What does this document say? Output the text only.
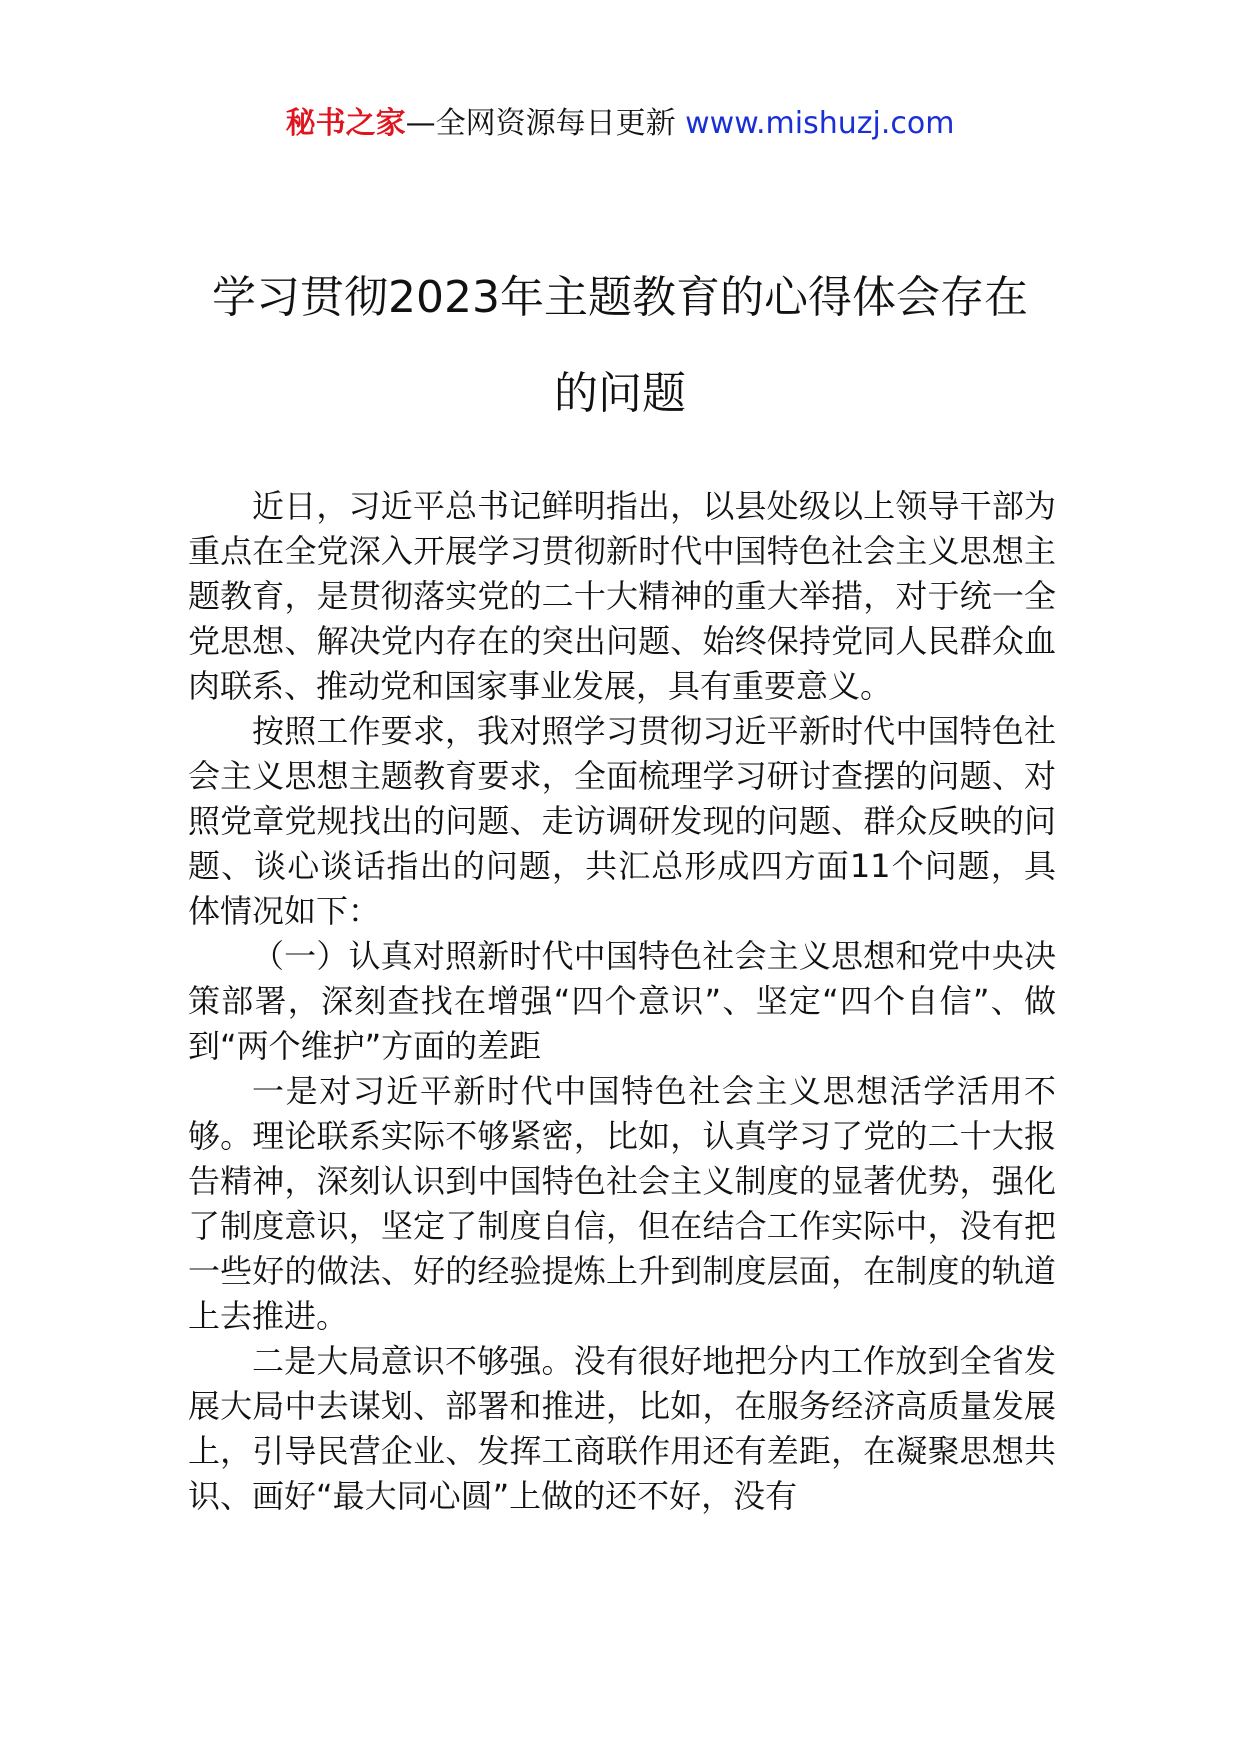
秘书之家—全网资源每日更新 www.mishuzj.com
学习贯彻2023年主题教育的心得体会存在
的问题

近日，习近平总书记鲜明指出，以县处级以上领导干部为重点在全党深入开展学习贯彻新时代中国特色社会主义思想主题教育，是贯彻落实党的二十大精神的重大举措，对于统一全党思想、解决党内存在的突出问题、始终保持党同人民群众血肉联系、推动党和国家事业发展，具有重要意义。

按照工作要求，我对照学习贯彻习近平新时代中国特色社会主义思想主题教育要求，全面梳理学习研讨查摆的问题、对照党章党规找出的问题、走访调研发现的问题、群众反映的问题、谈心谈话指出的问题，共汇总形成四方面11个问题，具体情况如下：

（一）认真对照新时代中国特色社会主义思想和党中央决策部署，深刻查找在增强“四个意识”、坚定“四个自信”、做到“两个维护”方面的差距

一是对习近平新时代中国特色社会主义思想活学活用不够。理论联系实际不够紧密，比如，认真学习了党的二十大报告精神，深刻认识到中国特色社会主义制度的显著优势，强化了制度意识，坚定了制度自信，但在结合工作实际中，没有把一些好的做法、好的经验提炼上升到制度层面，在制度的轨道上去推进。

二是大局意识不够强。没有很好地把分内工作放到全省发展大局中去谋划、部署和推进，比如，在服务经济高质量发展上，引导民营企业、发挥工商联作用还有差距，在凝聚思想共识、画好“最大同心圆”上做的还不好，没有
